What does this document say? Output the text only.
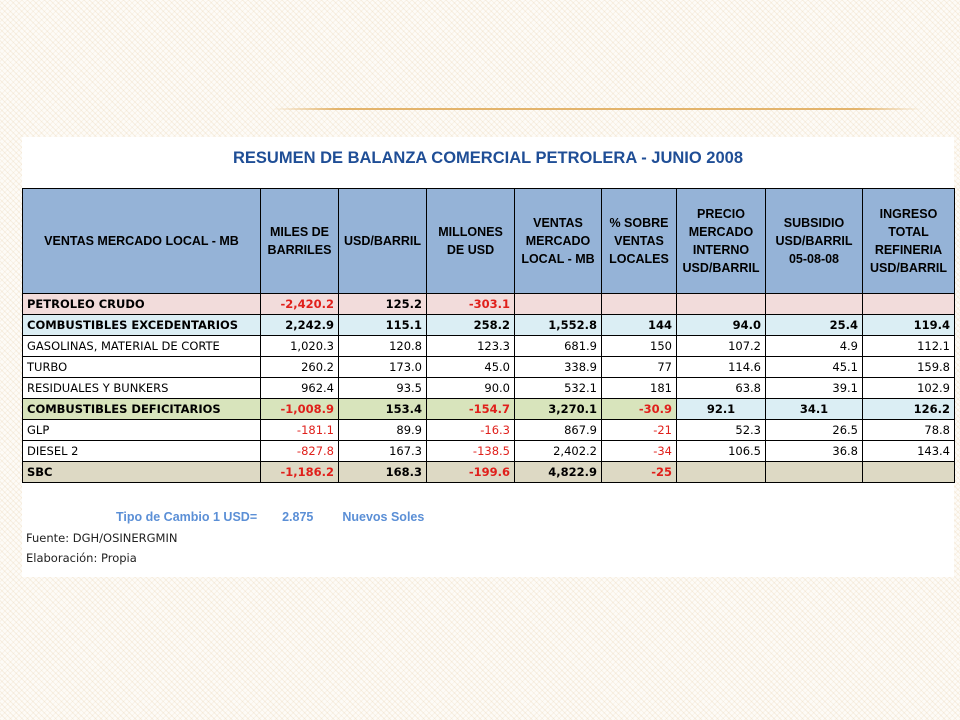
RESUMEN DE BALANZA COMERCIAL PETROLERA - JUNIO 2008
VENTAS MERCADO LOCAL - MB	MILES DE BARRILES	USD/BARRIL	MILLONES DE USD	VENTAS MERCADO LOCAL - MB	% SOBRE VENTAS LOCALES	PRECIO MERCADO INTERNO USD/BARRIL	SUBSIDIO USD/BARRIL 05-08-08	INGRESO TOTAL REFINERIA USD/BARRIL
PETROLEO CRUDO	-2,420.2	125.2	-303.1					
COMBUSTIBLES EXCEDENTARIOS	2,242.9	115.1	258.2	1,552.8	144	94.0	25.4	119.4
GASOLINAS, MATERIAL DE CORTE	1,020.3	120.8	123.3	681.9	150	107.2	4.9	112.1
TURBO	260.2	173.0	45.0	338.9	77	114.6	45.1	159.8
RESIDUALES Y BUNKERS	962.4	93.5	90.0	532.1	181	63.8	39.1	102.9
COMBUSTIBLES DEFICITARIOS	-1,008.9	153.4	-154.7	3,270.1	-30.9	92.1	34.1	126.2
GLP	-181.1	89.9	-16.3	867.9	-21	52.3	26.5	78.8
DIESEL 2	-827.8	167.3	-138.5	2,402.2	-34	106.5	36.8	143.4
SBC	-1,186.2	168.3	-199.6	4,822.9	-25			
Tipo de Cambio 1 USD= 2.875 Nuevos Soles
Fuente: DGH/OSINERGMIN
Elaboración: Propia
